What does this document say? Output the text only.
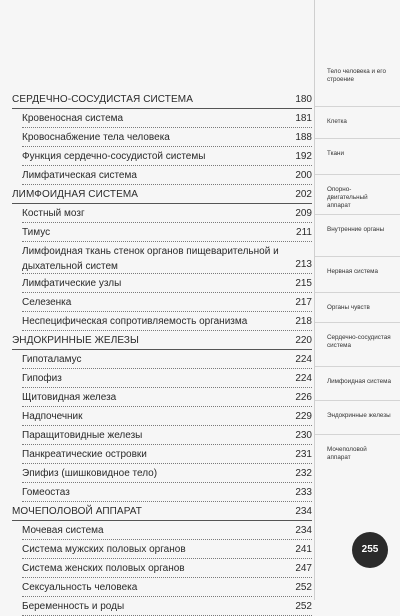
СЕРДЕЧНО-СОСУДИСТАЯ СИСТЕМА	180
Кровеносная система	181
Кровоснабжение тела человека	188
Функция сердечно-сосудистой системы	192
Лимфатическая система	200
ЛИМФОИДНАЯ СИСТЕМА	202
Костный мозг	209
Тимус	211
Лимфоидная ткань стенок органов пищеварительной и дыхательной систем	213
Лимфатические узлы	215
Селезенка	217
Неспецифическая сопротивляемость организма	218
ЭНДОКРИННЫЕ ЖЕЛЕЗЫ	220
Гипоталамус	224
Гипофиз	224
Щитовидная железа	226
Надпочечник	229
Паращитовидные железы	230
Панкреатические островки	231
Эпифиз (шишковидное тело)	232
Гомеостаз	233
МОЧЕПОЛОВОЙ АППАРАТ	234
Мочевая система	234
Система мужских половых органов	241
Система женских половых органов	247
Сексуальность человека	252
Беременность и роды	252
Тело человека и его строение
Клетка
Ткани
Опорно-двигательный аппарат
Внутренние органы
Нервная система
Органы чувств
Сердечно-сосудистая система
Лимфоидная система
Эндокринные железы
Мочеполовой аппарат
255
